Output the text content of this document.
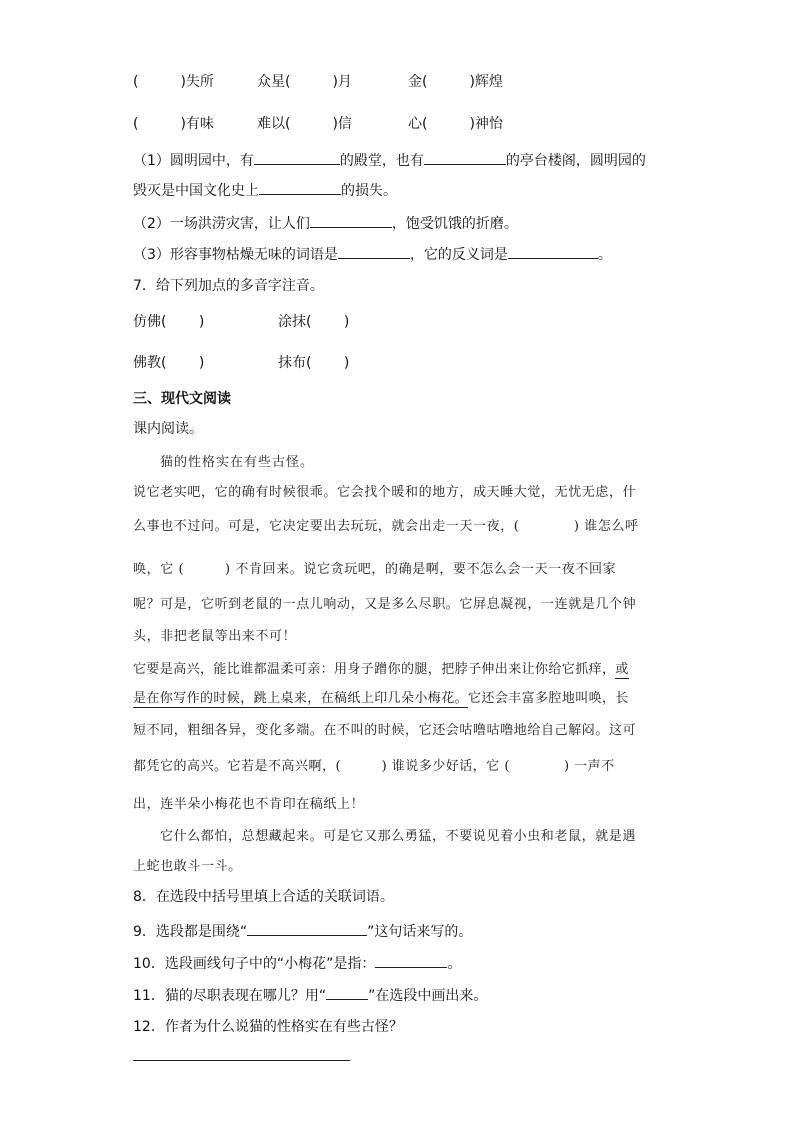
(　　　)失所	众星(　　　)月	金(　　　)辉煌
(　　　)有味	难以(　　　)信	心(　　　)神怡
（1）圆明园中，有	的殿堂，也有	的亭台楼阁，圆明园的
毁灭是中国文化史上	的损失。
（2）一场洪涝灾害，让人们	，饱受饥饿的折磨。
（3）形容事物枯燥无味的词语是	，它的反义词是	。
7．给下列加点的多音字注音。
仿佛(　　 )	涂抹(　　 )
佛教(　　 )	抹布(　　 )
三、现代文阅读
课内阅读。
猫的性格实在有些古怪。
说它老实吧，它的确有时候很乖。它会找个暖和的地方，成天睡大觉，无忧无虑，什
么事也不过问。可是，它决定要出去玩玩，就会出走一天一夜，(　　　　) 谁怎么呼
唤，它 (　　　) 不肯回来。说它贪玩吧，的确是啊，要不怎么会一天一夜不回家
呢？可是，它听到老鼠的一点儿响动，又是多么尽职。它屏息凝视，一连就是几个钟
头，非把老鼠等出来不可！
它要是高兴，能比谁都温柔可亲：用身子蹭你的腿，把脖子伸出来让你给它抓痒，或
是在你写作的时候，跳上桌来，在稿纸上印几朵小梅花。它还会丰富多腔地叫唤，长
短不同，粗细各异，变化多端。在不叫的时候，它还会咕噜咕噜地给自己解闷。这可
都凭它的高兴。它若是不高兴啊，(　　　) 谁说多少好话，它 (　　　　) 一声不
出，连半朵小梅花也不肯印在稿纸上！
它什么都怕，总想藏起来。可是它又那么勇猛，不要说见着小虫和老鼠，就是遇
上蛇也敢斗一斗。
8．在选段中括号里填上合适的关联词语。
9．选段都是围绕“	”这句话来写的。
10．选段画线句子中的“小梅花”是指：	。
11．猫的尽职表现在哪儿？用“	”在选段中画出来。
12．作者为什么说猫的性格实在有些古怪？
